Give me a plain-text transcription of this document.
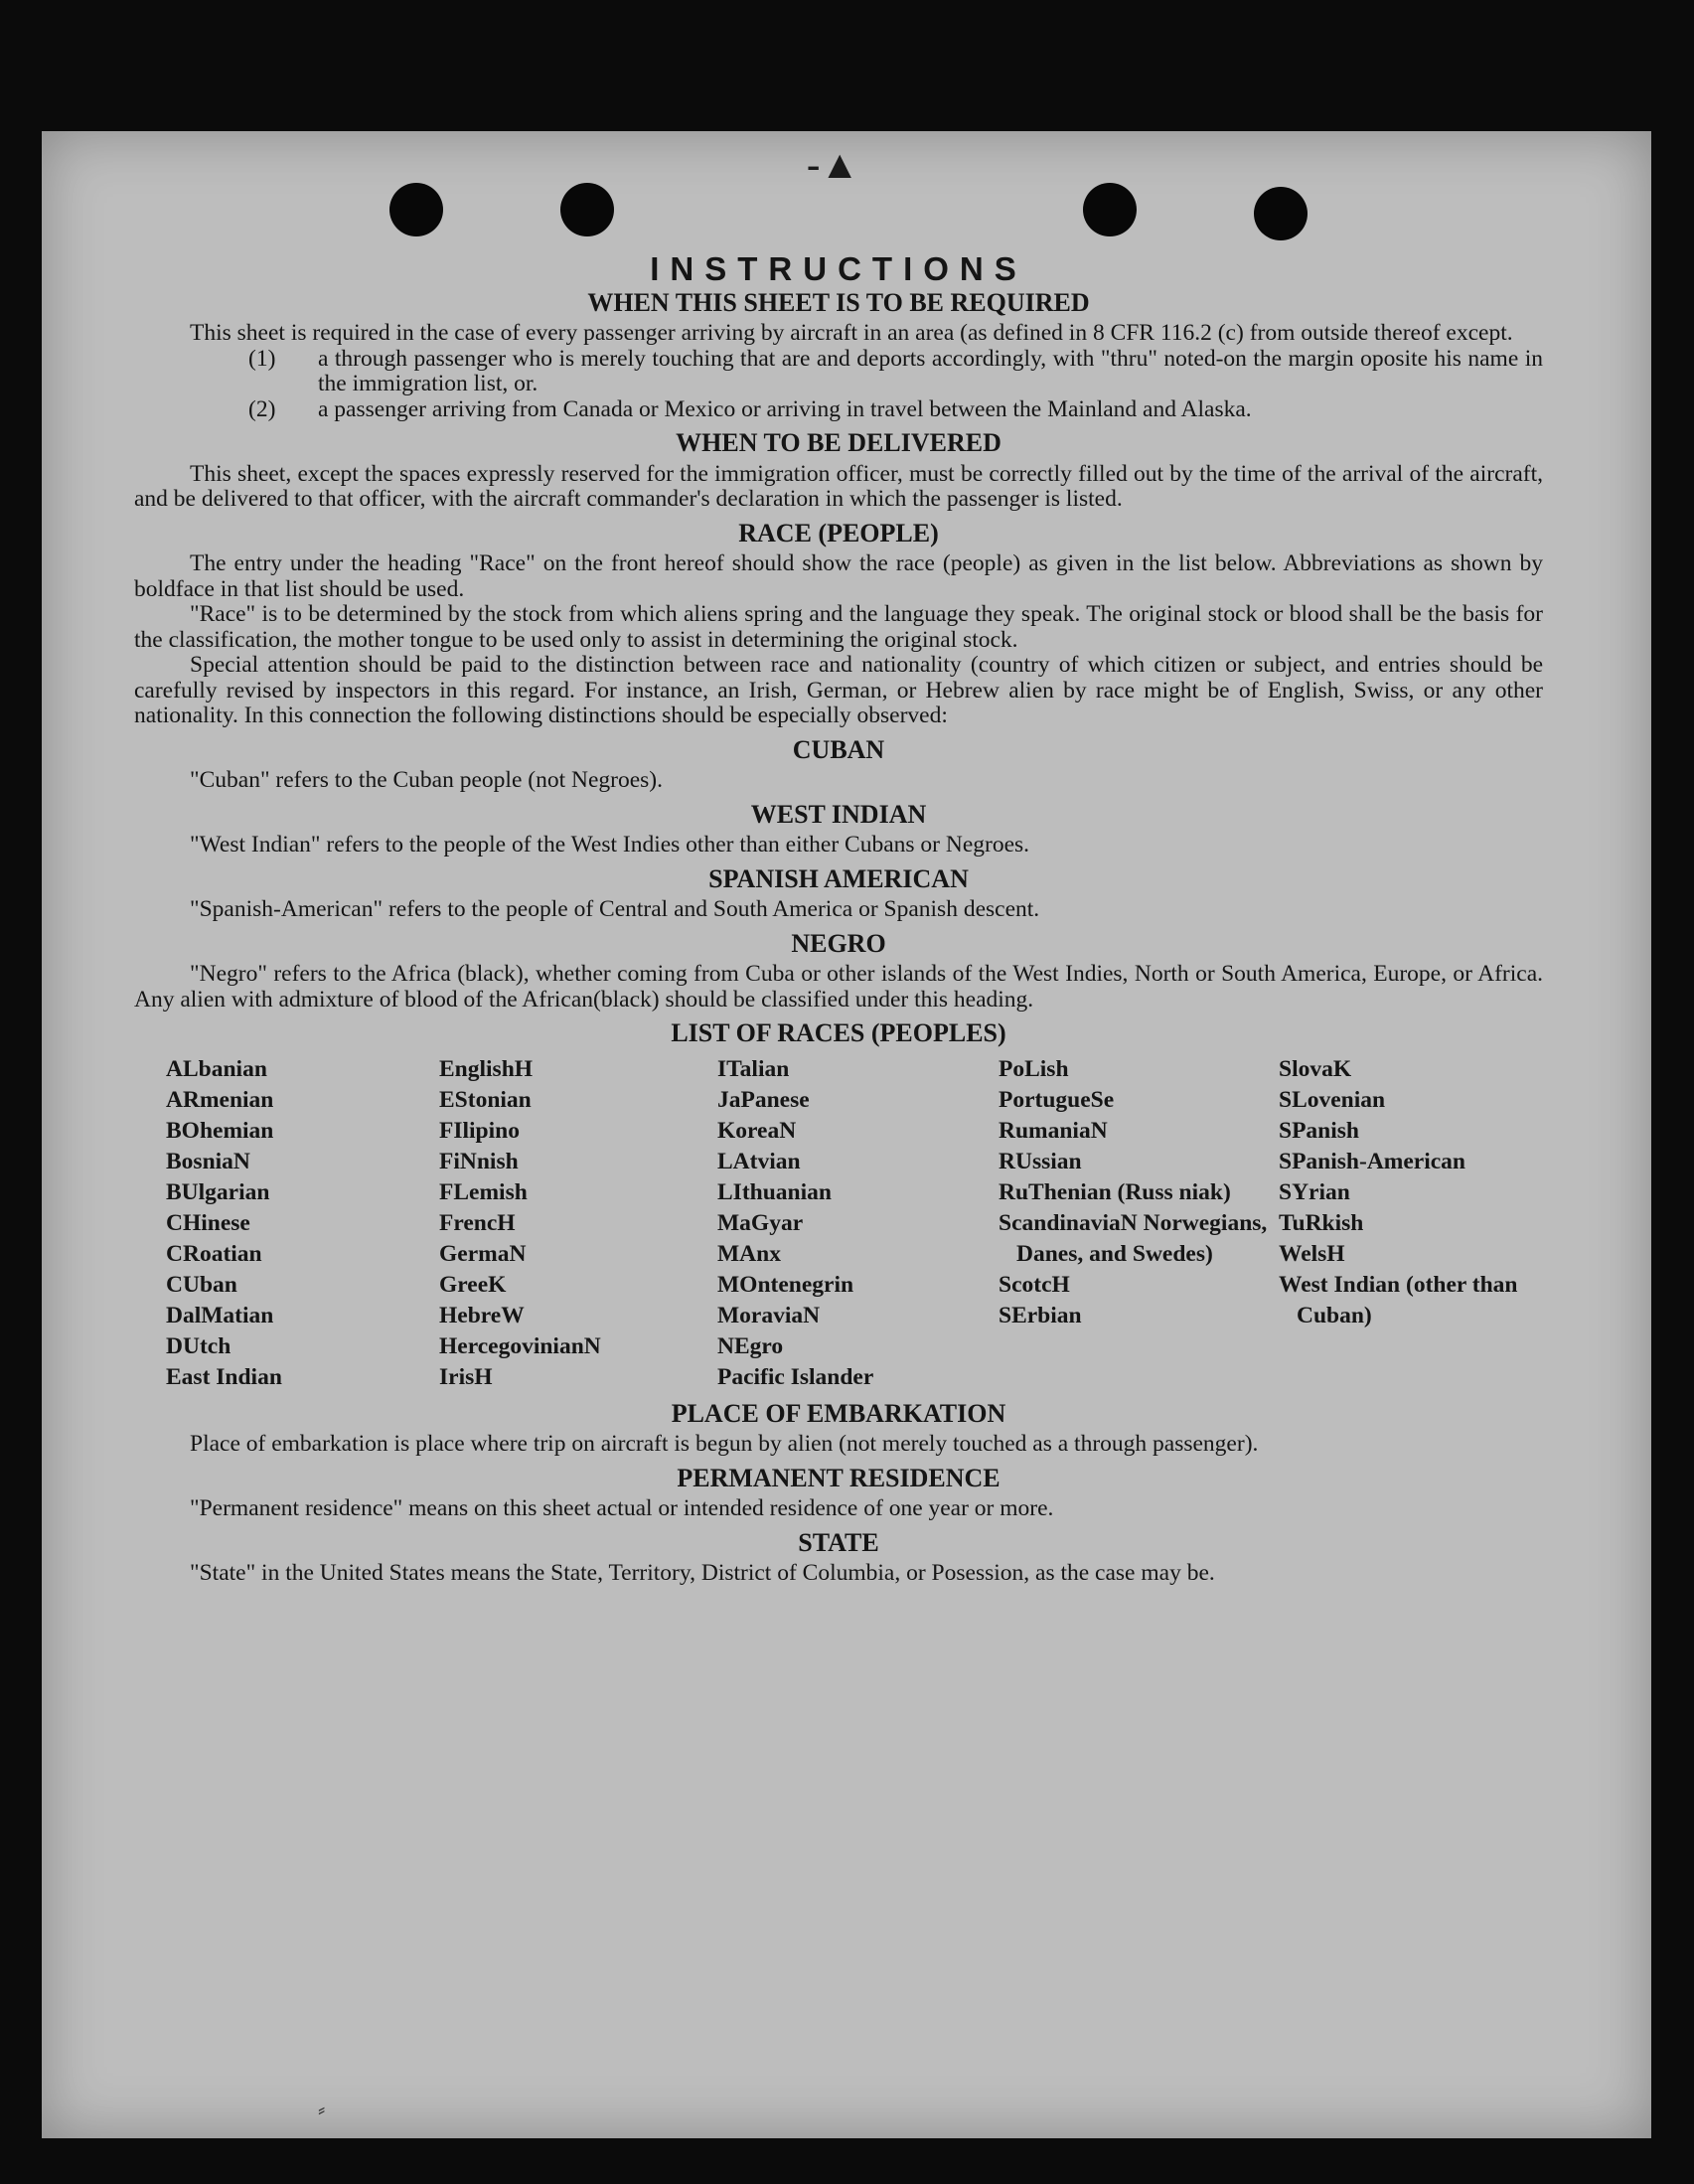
-▲
INSTRUCTIONS
WHEN THIS SHEET IS TO BE REQUIRED

This sheet is required in the case of every passenger arriving by aircraft in an area (as defined in 8 CFR 116.2 (c) from outside thereof except.

(1)	a through passenger who is merely touching that are and deports accordingly, with "thru" noted-on the margin oposite his name in the immigration list, or.
(2)	a passenger arriving from Canada or Mexico or arriving in travel between the Mainland and Alaska.
WHEN TO BE DELIVERED

This sheet, except the spaces expressly reserved for the immigration officer, must be correctly filled out by the time of the arrival of the aircraft, and be delivered to that officer, with the aircraft commander's declaration in which the passenger is listed.

RACE (PEOPLE)

The entry under the heading "Race" on the front hereof should show the race (people) as given in the list below. Abbreviations as shown by boldface in that list should be used.

"Race" is to be determined by the stock from which aliens spring and the language they speak. The original stock or blood shall be the basis for the classification, the mother tongue to be used only to assist in determining the original stock.

Special attention should be paid to the distinction between race and nationality (country of which citizen or subject, and entries should be carefully revised by inspectors in this regard. For instance, an Irish, German, or Hebrew alien by race might be of English, Swiss, or any other nationality. In this connection the following distinctions should be especially observed:

CUBAN

"Cuban" refers to the Cuban people (not Negroes).

WEST INDIAN

"West Indian" refers to the people of the West Indies other than either Cubans or Negroes.

SPANISH AMERICAN

"Spanish-American" refers to the people of Central and South America or Spanish descent.

NEGRO

"Negro" refers to the Africa (black), whether coming from Cuba or other islands of the West Indies, North or South America, Europe, or Africa. Any alien with admixture of blood of the African(black) should be classified under this heading.

LIST OF RACES (PEOPLES)
ALbanian
ARmenian
BOhemian
BosniaN
BUlgarian
CHinese
CRoatian
CUban
DalMatian
DUtch
East Indian
EnglishH
EStonian
FIlipino
FiNnish
FLemish
FrencH
GermaN
GreeK
HebreW
HercegovinianN
IrisH
ITalian
JaPanese
KoreaN
LAtvian
LIthuanian
MaGyar
MAnx
MOntenegrin
MoraviaN
NEgro
Pacific Islander
PoLish
PortugueSe
RumaniaN
RUssian
RuThenian (Russ niak)
ScandinaviaN Norwegians, Danes, and Swedes)
ScotcH
SErbian
SlovaK
SLovenian
SPanish
SPanish-American
SYrian
TuRkish
WelsH
West Indian (other than Cuban)
PLACE OF EMBARKATION

Place of embarkation is place where trip on aircraft is begun by alien (not merely touched as a through passenger).

PERMANENT RESIDENCE

"Permanent residence" means on this sheet actual or intended residence of one year or more.

STATE

"State" in the United States means the State, Territory, District of Columbia, or Posession, as the case may be.

⸗
